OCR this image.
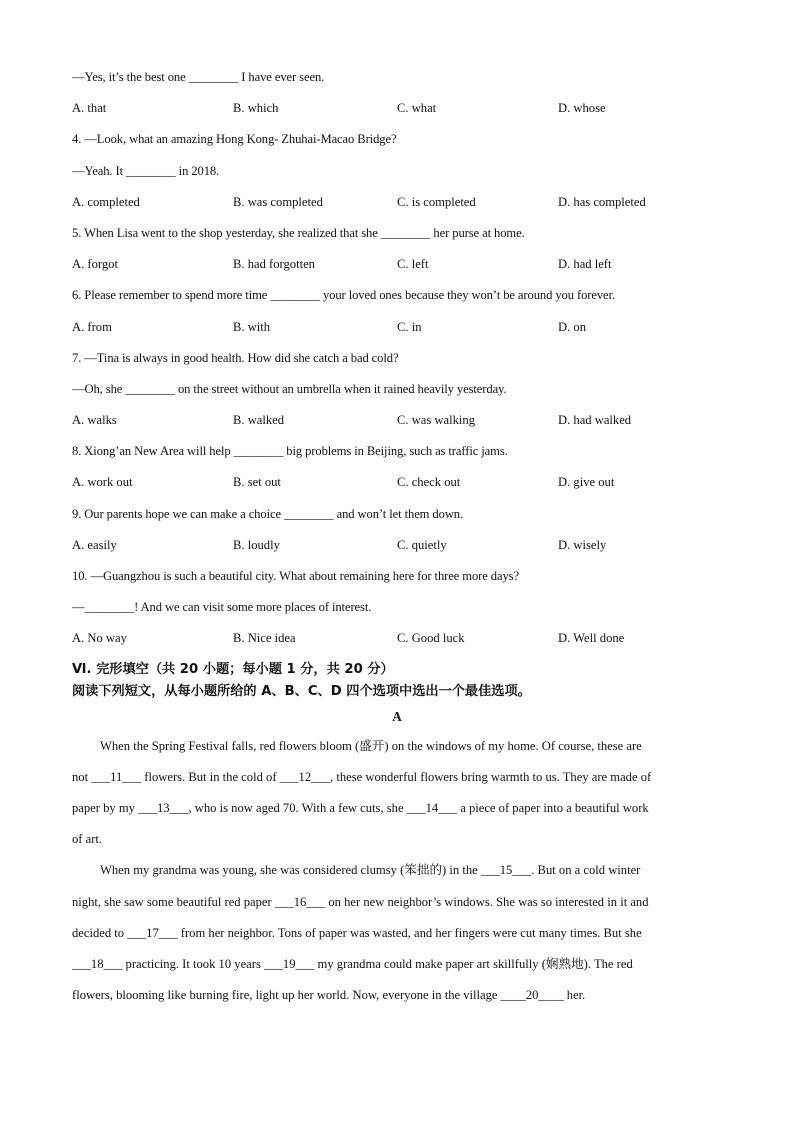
—Yes, it’s the best one ________ I have ever seen.
A. that	B. which	C. what	D. whose
4. —Look, what an amazing Hong Kong- Zhuhai-Macao Bridge?
—Yeah. It ________ in 2018.
A. completed	B. was completed	C. is completed	D. has completed
5. When Lisa went to the shop yesterday, she realized that she ________ her purse at home.
A. forgot	B. had forgotten	C. left	D. had left
6. Please remember to spend more time ________ your loved ones because they won’t be around you forever.
A. from	B. with	C. in	D. on
7. —Tina is always in good health. How did she catch a bad cold?
—Oh, she ________ on the street without an umbrella when it rained heavily yesterday.
A. walks	B. walked	C. was walking	D. had walked
8. Xiong’an New Area will help ________ big problems in Beijing, such as traffic jams.
A. work out	B. set out	C. check out	D. give out
9. Our parents hope we can make a choice ________ and won’t let them down.
A. easily	B. loudly	C. quietly	D. wisely
10. —Guangzhou is such a beautiful city. What about remaining here for three more days?
—________! And we can visit some more places of interest.
A. No way	B. Nice idea	C. Good luck	D. Well done
Ⅵ. 完形填空（共 20 小题；每小题 1 分，共 20 分）
阅读下列短文，从每小题所给的 A、B、C、D 四个选项中选出一个最佳选项。
A
When the Spring Festival falls, red flowers bloom (盛开) on the windows of my home. Of course, these are
not ___11___ flowers. But in the cold of ___12___, these wonderful flowers bring warmth to us. They are made of
paper by my ___13___, who is now aged 70. With a few cuts, she ___14___ a piece of paper into a beautiful work
of art.
When my grandma was young, she was considered clumsy (笨拙的) in the ___15___. But on a cold winter
night, she saw some beautiful red paper ___16___ on her new neighbor’s windows. She was so interested in it and
decided to ___17___ from her neighbor. Tons of paper was wasted, and her fingers were cut many times. But she
___18___ practicing. It took 10 years ___19___ my grandma could make paper art skillfully (娴熟地). The red
flowers, blooming like burning fire, light up her world. Now, everyone in the village ____20____ her.
